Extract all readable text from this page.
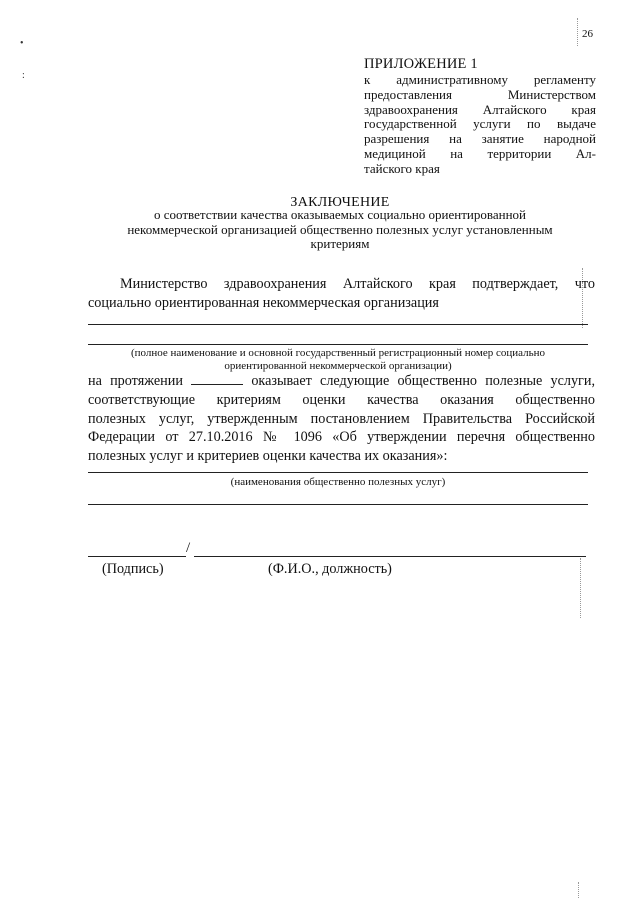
•
:
26
ПРИЛОЖЕНИЕ 1
к административному регламенту
предоставления Министерством
здравоохранения Алтайского края
государственной услуги по выдаче
разрешения на занятие народной
медициной на территории Ал-
тайского края
ЗАКЛЮЧЕНИЕ
о соответствии качества оказываемых социально ориентированной
некоммерческой организацией общественно полезных услуг установленным
критериям
Министерство здравоохранения Алтайского края подтверждает, что
социально ориентированная некоммерческая организация
(полное наименование и основной государственный регистрационный номер социально
ориентированной некоммерческой организации)
на протяжении	оказывает следующие общественно полезные услуги,
соответствующие критериям оценки качества оказания общественно
полезных услуг, утвержденным постановлением Правительства Российской
Федерации от 27.10.2016 № 1096 «Об утверждении перечня общественно
полезных услуг и критериев оценки качества их оказания»:
(наименования общественно полезных услуг)
/
(Подпись)	(Ф.И.О., должность)
